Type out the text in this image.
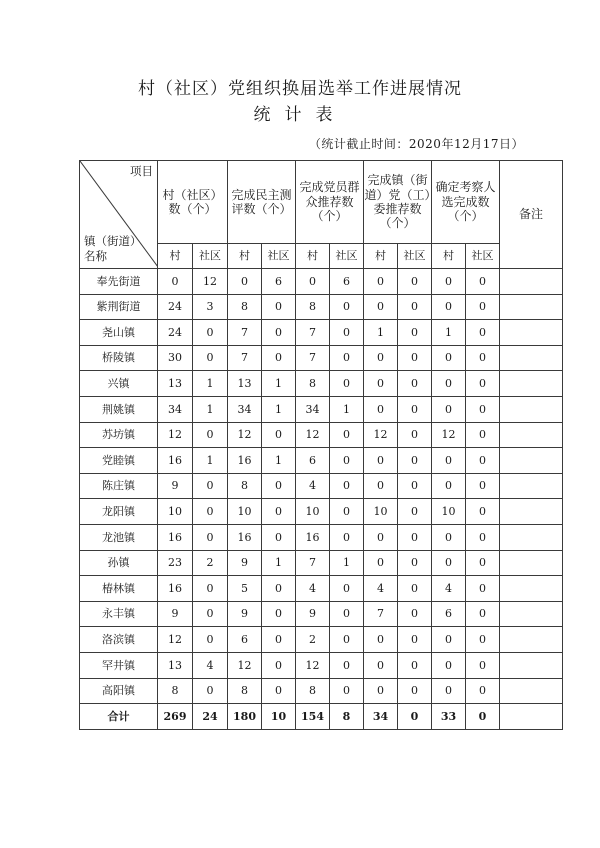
村（社区）党组织换届选举工作进展情况
统计表
（统计截止时间：2020年12月17日）
项目
镇（街道）
名称	村（社区）数（个）		完成民主测评数（个）		完成党员群众推荐数（个）		完成镇（街道）党（工）委推荐数（个）		确定考察人选完成数（个）		备注
	村	社区	村	社区	村	社区	村	社区	村	社区	
奉先街道	0	12	0	6	0	6	0	0	0	0	
紫荆街道	24	3	8	0	8	0	0	0	0	0	
尧山镇	24	0	7	0	7	0	1	0	1	0	
桥陵镇	30	0	7	0	7	0	0	0	0	0	
兴镇	13	1	13	1	8	0	0	0	0	0	
荆姚镇	34	1	34	1	34	1	0	0	0	0	
苏坊镇	12	0	12	0	12	0	12	0	12	0	
党睦镇	16	1	16	1	6	0	0	0	0	0	
陈庄镇	9	0	8	0	4	0	0	0	0	0	
龙阳镇	10	0	10	0	10	0	10	0	10	0	
龙池镇	16	0	16	0	16	0	0	0	0	0	
孙镇	23	2	9	1	7	1	0	0	0	0	
椿林镇	16	0	5	0	4	0	4	0	4	0	
永丰镇	9	0	9	0	9	0	7	0	6	0	
洛滨镇	12	0	6	0	2	0	0	0	0	0	
罕井镇	13	4	12	0	12	0	0	0	0	0	
高阳镇	8	0	8	0	8	0	0	0	0	0	
合计	269	24	180	10	154	8	34	0	33	0	
